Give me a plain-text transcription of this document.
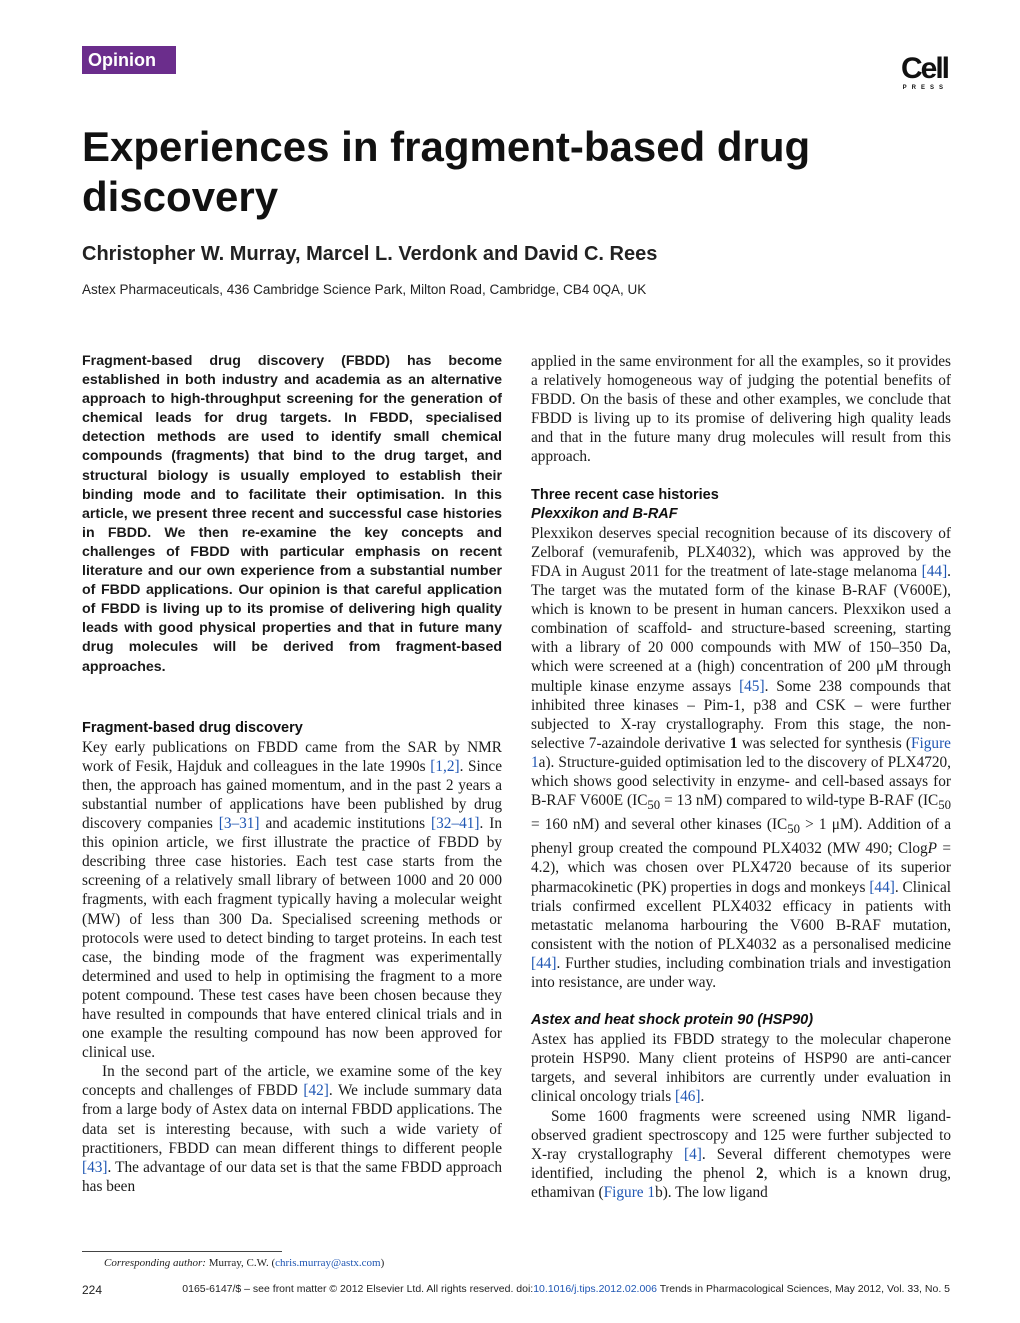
Opinion	Cell
PRESS
Experiences in fragment-based drug discovery
Christopher W. Murray, Marcel L. Verdonk and David C. Rees
Astex Pharmaceuticals, 436 Cambridge Science Park, Milton Road, Cambridge, CB4 0QA, UK

Fragment-based drug discovery (FBDD) has become established in both industry and academia as an alternative approach to high-throughput screening for the generation of chemical leads for drug targets. In FBDD, specialised detection methods are used to identify small chemical compounds (fragments) that bind to the drug target, and structural biology is usually employed to establish their binding mode and to facilitate their optimisation. In this article, we present three recent and successful case histories in FBDD. We then re-examine the key concepts and challenges of FBDD with particular emphasis on recent literature and our own experience from a substantial number of FBDD applications. Our opinion is that careful application of FBDD is living up to its promise of delivering high quality leads with good physical properties and that in future many drug molecules will be derived from fragment-based approaches.

Fragment-based drug discovery

Key early publications on FBDD came from the SAR by NMR work of Fesik, Hajduk and colleagues in the late 1990s [1,2]. Since then, the approach has gained momentum, and in the past 2 years a substantial number of applications have been published by drug discovery companies [3–31] and academic institutions [32–41]. In this opinion article, we first illustrate the practice of FBDD by describing three case histories. Each test case starts from the screening of a relatively small library of between 1000 and 20 000 fragments, with each fragment typically having a molecular weight (MW) of less than 300 Da. Specialised screening methods or protocols were used to detect binding to target proteins. In each test case, the binding mode of the fragment was experimentally determined and used to help in optimising the fragment to a more potent compound. These test cases have been chosen because they have resulted in compounds that have entered clinical trials and in one example the resulting compound has now been approved for clinical use.

In the second part of the article, we examine some of the key concepts and challenges of FBDD [42]. We include summary data from a large body of Astex data on internal FBDD applications. The data set is interesting because, with such a wide variety of practitioners, FBDD can mean different things to different people [43]. The advantage of our data set is that the same FBDD approach has been

applied in the same environment for all the examples, so it provides a relatively homogeneous way of judging the potential benefits of FBDD. On the basis of these and other examples, we conclude that FBDD is living up to its promise of delivering high quality leads and that in the future many drug molecules will result from this approach.

Three recent case histories
Plexxikon and B-RAF

Plexxikon deserves special recognition because of its discovery of Zelboraf (vemurafenib, PLX4032), which was approved by the FDA in August 2011 for the treatment of late-stage melanoma [44]. The target was the mutated form of the kinase B-RAF (V600E), which is known to be present in human cancers. Plexxikon used a combination of scaffold- and structure-based screening, starting with a library of 20 000 compounds with MW of 150–350 Da, which were screened at a (high) concentration of 200 μM through multiple kinase enzyme assays [45]. Some 238 compounds that inhibited three kinases – Pim-1, p38 and CSK – were further subjected to X-ray crystallography. From this stage, the non-selective 7-azaindole derivative 1 was selected for synthesis (Figure 1a). Structure-guided optimisation led to the discovery of PLX4720, which shows good selectivity in enzyme- and cell-based assays for B-RAF V600E ($IC_{50} = 13$ nM) compared to wild-type B-RAF ($IC_{50} = 160$ nM) and several other kinases ($IC_{50} > 1$ μM). Addition of a phenyl group created the compound PLX4032 (MW 490; ClogP = 4.2), which was chosen over PLX4720 because of its superior pharmacokinetic (PK) properties in dogs and monkeys [44]. Clinical trials confirmed excellent PLX4032 efficacy in patients with metastatic melanoma harbouring the V600 B-RAF mutation, consistent with the notion of PLX4032 as a personalised medicine [44]. Further studies, including combination trials and investigation into resistance, are under way.

Astex and heat shock protein 90 (HSP90)

Astex has applied its FBDD strategy to the molecular chaperone protein HSP90. Many client proteins of HSP90 are anti-cancer targets, and several inhibitors are currently under evaluation in clinical oncology trials [46].

Some 1600 fragments were screened using NMR ligand-observed gradient spectroscopy and 125 were further subjected to X-ray crystallography [4]. Several different chemotypes were identified, including the phenol 2, which is a known drug, ethamivan (Figure 1b). The low ligand

Corresponding author: Murray, C.W. (chris.murray@astx.com)
224	0165-6147/$ – see front matter © 2012 Elsevier Ltd. All rights reserved. doi:10.1016/j.tips.2012.02.006 Trends in Pharmacological Sciences, May 2012, Vol. 33, No. 5
